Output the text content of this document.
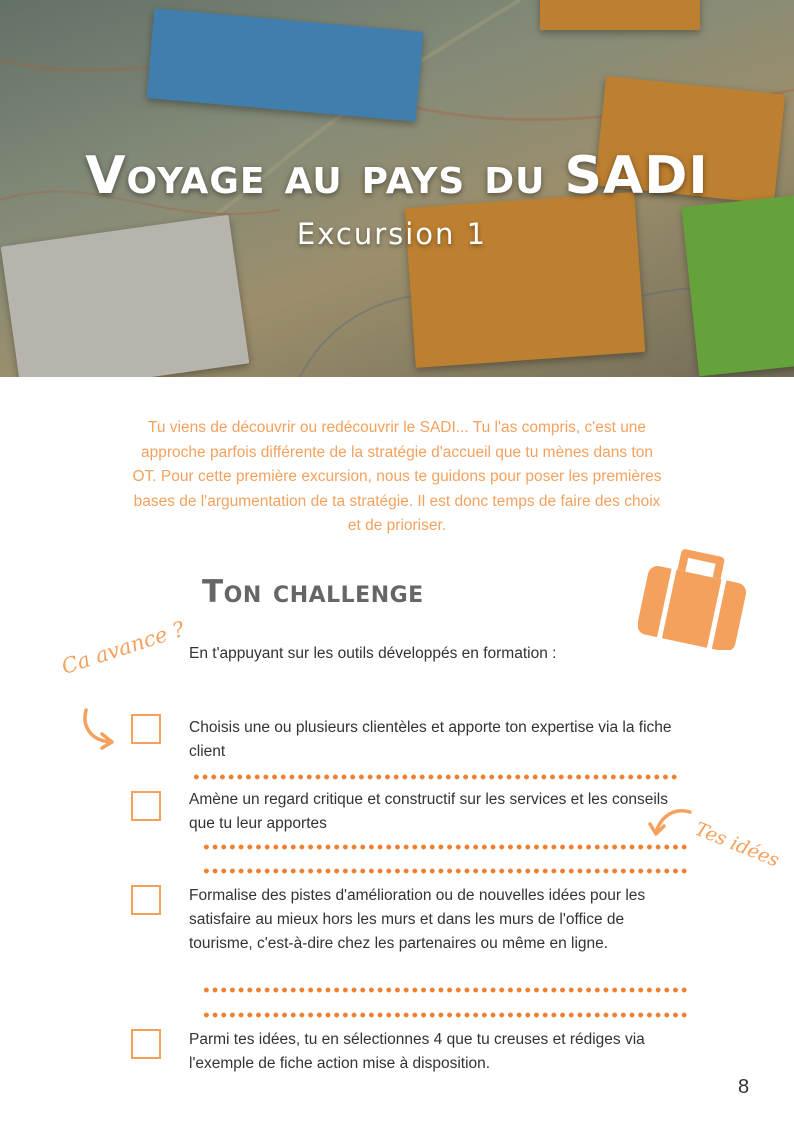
Voyage au pays du SADI
Excursion 1
Tu viens de découvrir ou redécouvrir le SADI... Tu l'as compris, c'est une approche parfois différente de la stratégie d'accueil que tu mènes dans ton OT. Pour cette première excursion, nous te guidons pour poser les premières bases de l'argumentation de ta stratégie. Il est donc temps de faire des choix et de prioriser.
Ton challenge
Ca avance ?
Tes idées
En t'appuyant sur les outils développés en formation :
Choisis une ou plusieurs clientèles et apporte ton expertise via la fiche client
Amène un regard critique et constructif sur les services et les conseils que tu leur apportes
Formalise des pistes d'amélioration ou de nouvelles idées pour les satisfaire au mieux hors les murs et dans les murs de l'office de tourisme, c'est-à-dire chez les partenaires ou même en ligne.
Parmi tes idées, tu en sélectionnes 4 que tu creuses et rédiges via l'exemple de fiche action mise à disposition.
8
